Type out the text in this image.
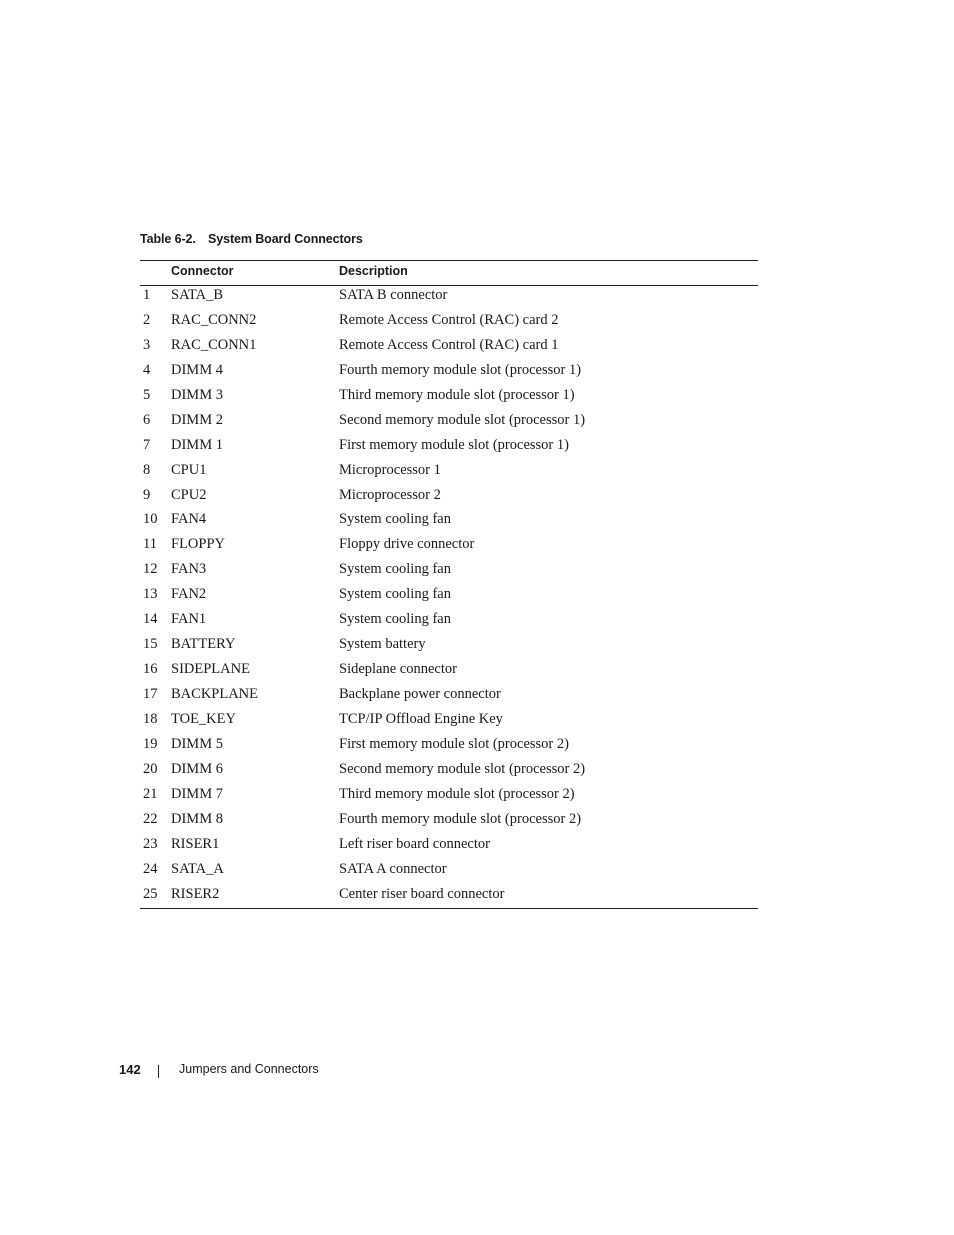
Table 6-2. System Board Connectors
Connector	Description
1 SATA_B	SATA B connector
2 RAC_CONN2	Remote Access Control (RAC) card 2
3 RAC_CONN1	Remote Access Control (RAC) card 1
4 DIMM 4	Fourth memory module slot (processor 1)
5 DIMM 3	Third memory module slot (processor 1)
6 DIMM 2	Second memory module slot (processor 1)
7 DIMM 1	First memory module slot (processor 1)
8 CPU1	Microprocessor 1
9 CPU2	Microprocessor 2
10 FAN4	System cooling fan
11 FLOPPY	Floppy drive connector
12 FAN3	System cooling fan
13 FAN2	System cooling fan
14 FAN1	System cooling fan
15 BATTERY	System battery
16 SIDEPLANE	Sideplane connector
17 BACKPLANE	Backplane power connector
18 TOE_KEY	TCP/IP Offload Engine Key
19 DIMM 5	First memory module slot (processor 2)
20 DIMM 6	Second memory module slot (processor 2)
21 DIMM 7	Third memory module slot (processor 2)
22 DIMM 8	Fourth memory module slot (processor 2)
23 RISER1	Left riser board connector
24 SATA_A	SATA A connector
25 RISER2	Center riser board connector
142	Jumpers and Connectors
